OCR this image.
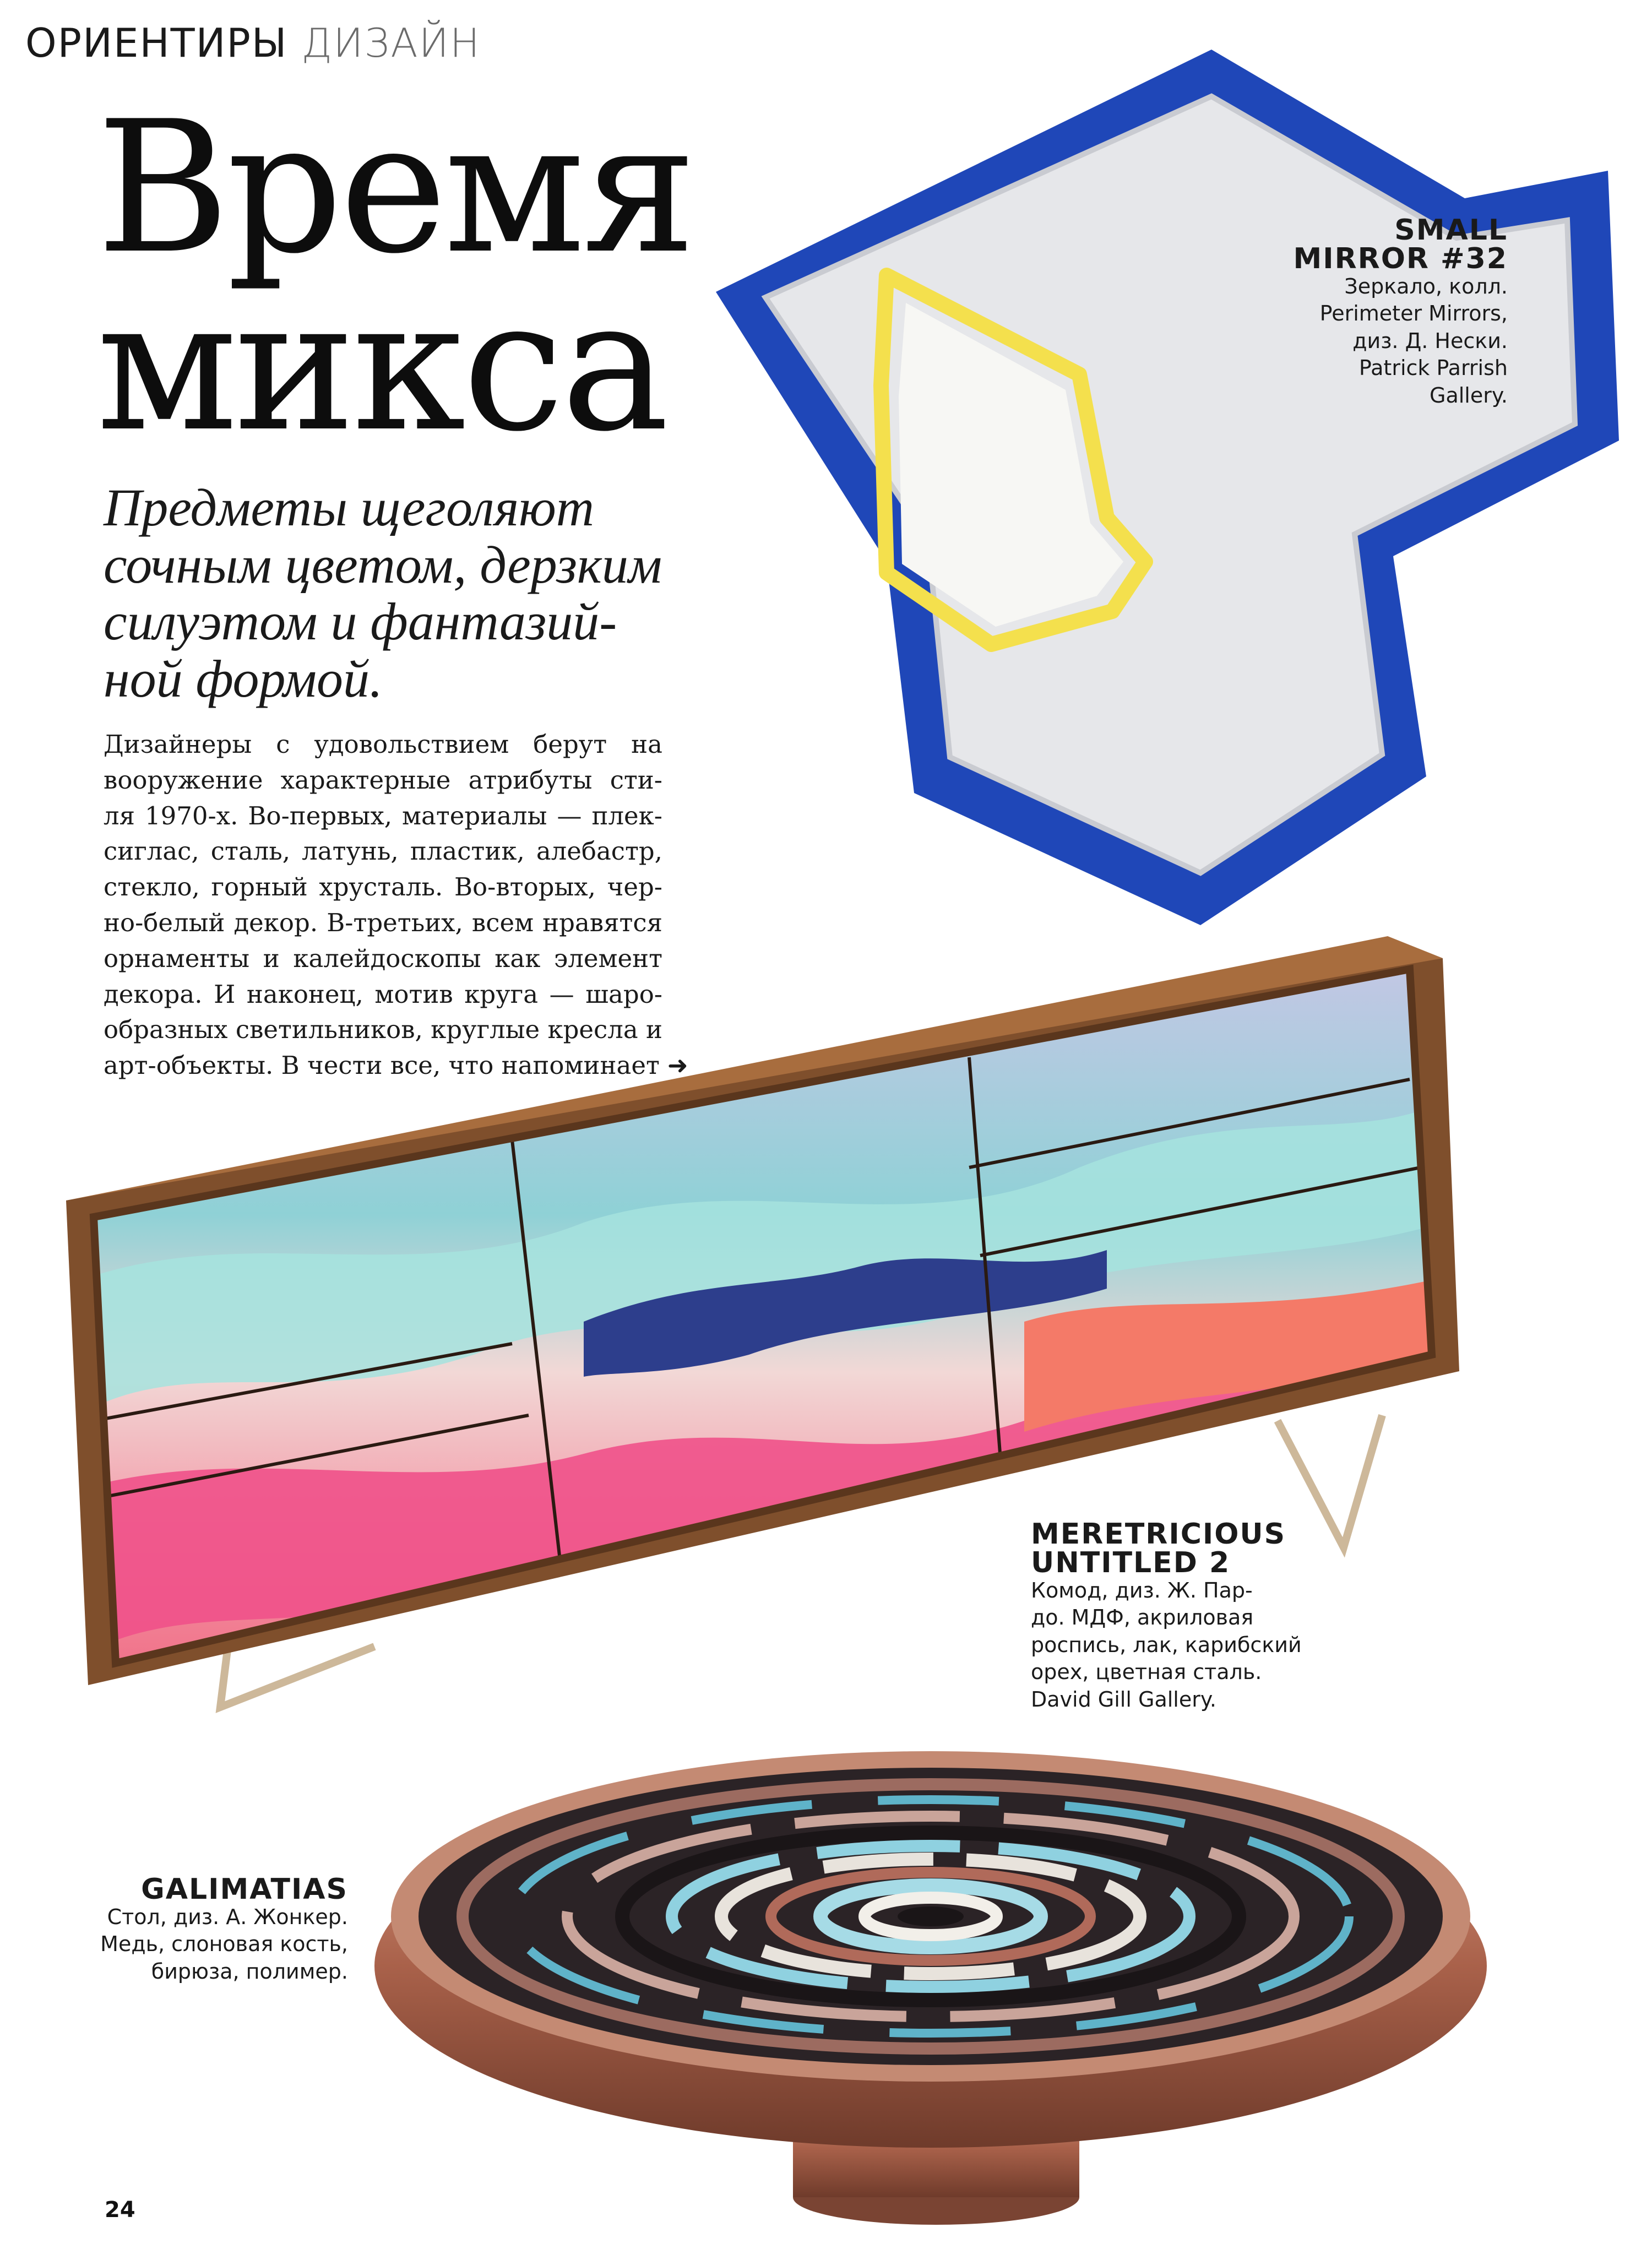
ОРИЕНТИРЫ ДИЗАЙН
Время
микса
Предметы щеголяют
сочным цветом, дерзким
силуэтом и фантазий-
ной формой.
Дизайнеры с удовольствием берут на
вооружение характерные атрибуты сти-
ля 1970-х. Во-первых, материалы — плек-
сиглас, сталь, латунь, пластик, алебастр,
стекло, горный хрусталь. Во-вторых, чер-
но-белый декор. В-третьих, всем нравятся
орнаменты и калейдоскопы как элемент
декора. И наконец, мотив круга — шаро-
образных светильников, круглые кресла и
арт-объекты. В чести все, что напоминает ➜
SMALL
MIRROR #32
Зеркало, колл.
Perimeter Mirrors,
диз. Д. Нески.
Patrick Parrish
Gallery.
MERETRICIOUS
UNTITLED 2
Комод, диз. Ж. Пар-
до. МДФ, акриловая
роспись, лак, карибский
орех, цветная сталь.
David Gill Gallery.
GALIMATIAS
Стол, диз. А. Жонкер.
Медь, слоновая кость,
бирюза, полимер.
24
